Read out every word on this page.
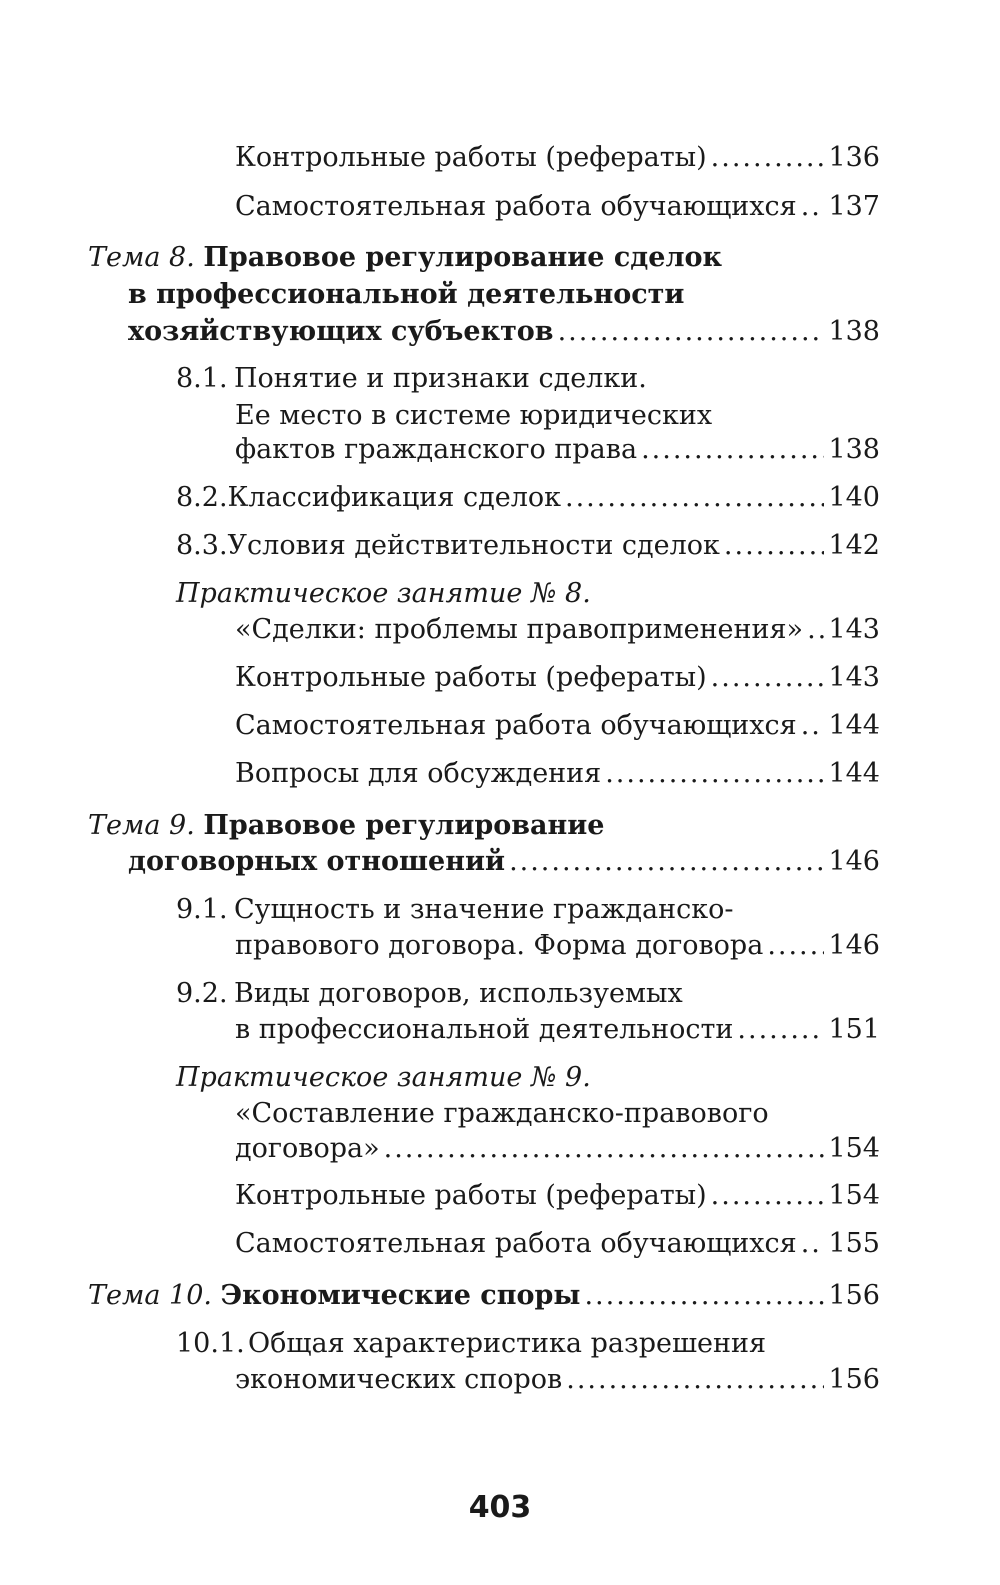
Контрольные работы (рефераты) .....	136
Самостоятельная работа обучающихся ..... 137
Тема 8.
Правовое регулирование сделок
в профессиональной деятельности
хозяйствующих субъектов .....	138
8.1. Понятие и признаки сделки.
Ее место в системе юридических
фактов гражданского права .....	138
8.2. Классификация сделок .....	140
8.3. Условия действительности сделок .....	142
Практическое занятие № 8.
«Сделки: проблемы правоприменения» ..... 143
Контрольные работы (рефераты) .....	143
Самостоятельная работа обучающихся ..... 144
Вопросы для обсуждения .....	144
Тема 9.
Правовое регулирование
договорных отношений .....	146
9.1. Сущность и значение гражданско-
правового договора. Форма договора ..... 146
9.2. Виды договоров, используемых
в профессиональной деятельности .....	151
Практическое занятие № 9.
«Составление гражданско-правового
договора» .....	154
Контрольные работы (рефераты) .....	154
Самостоятельная работа обучающихся ..... 155
Тема 10.
Экономические споры .....	156
10.1. Общая характеристика разрешения
экономических споров .....	156
403
